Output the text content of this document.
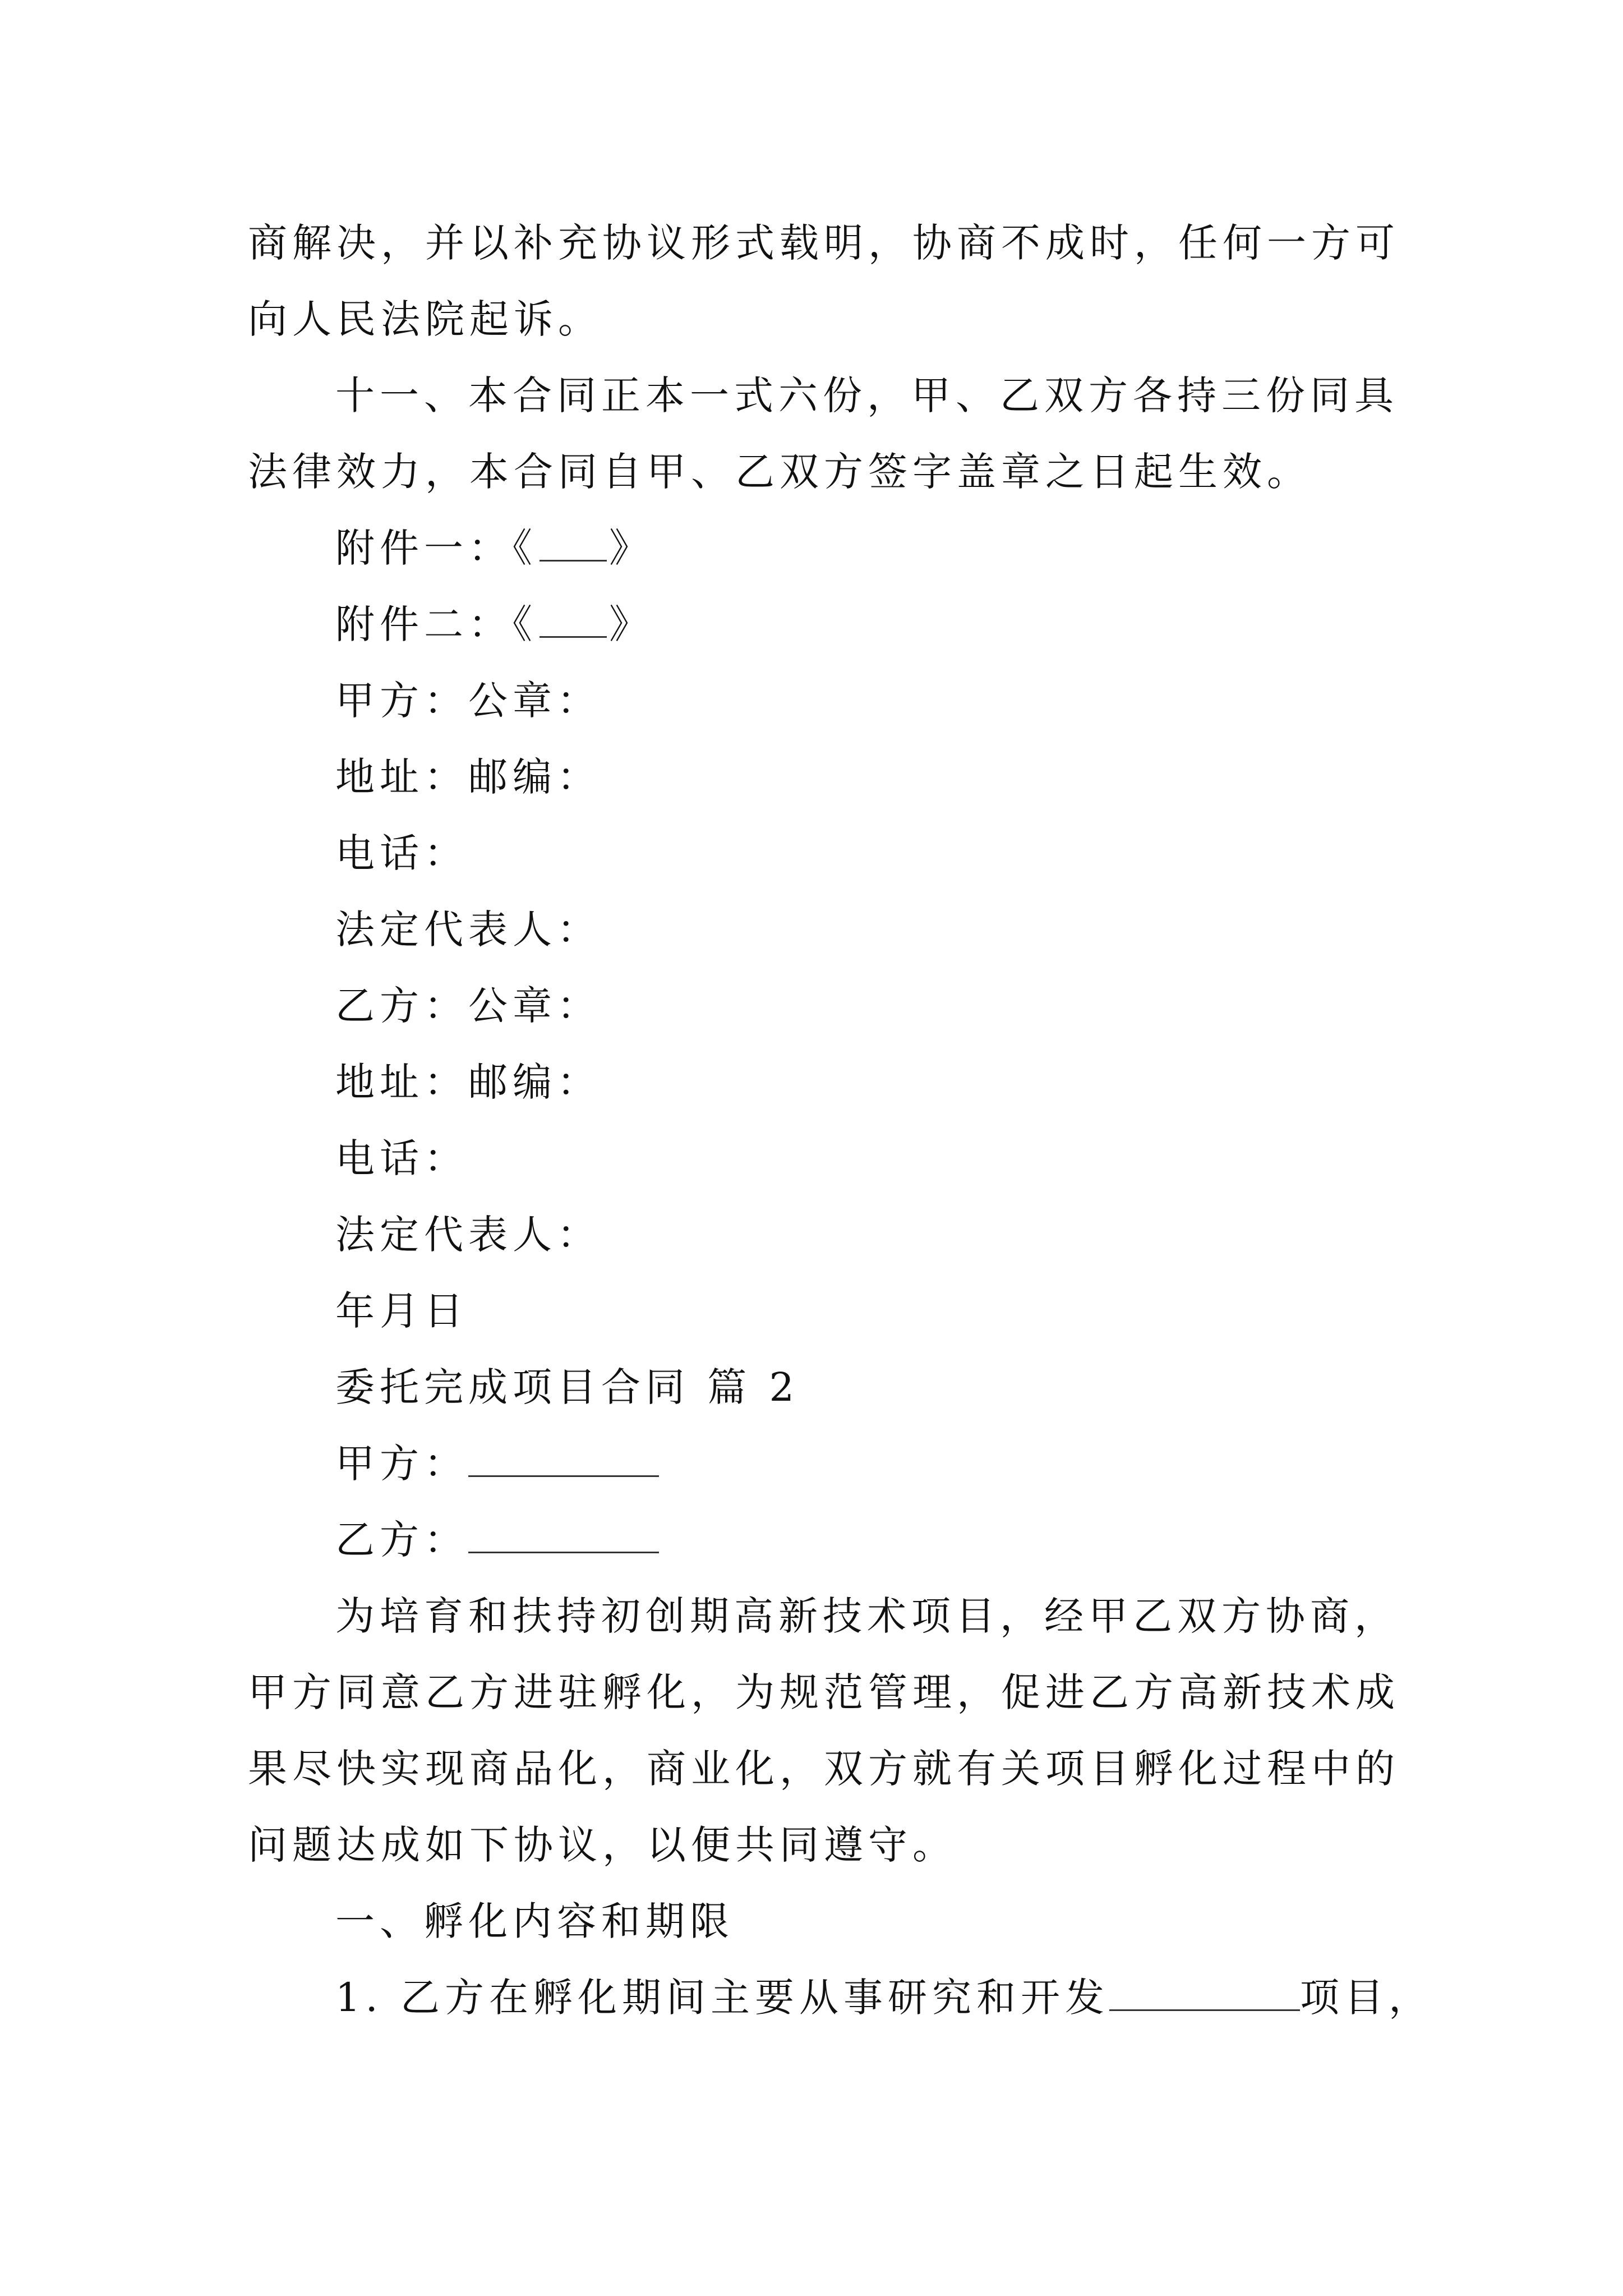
商解决，并以补充协议形式载明，协商不成时，任何一方可
向人民法院起诉。
十一、本合同正本一式六份，甲、乙双方各持三份同具
法律效力，本合同自甲、乙双方签字盖章之日起生效。
附件一：《 》
附件二：《 》
甲方：公章：
地址：邮编：
电话：
法定代表人：
乙方：公章：
地址：邮编：
电话：
法定代表人：
年月日
委托完成项目合同 篇 2
甲方：
乙方：
为培育和扶持初创期高新技术项目，经甲乙双方协商，
甲方同意乙方进驻孵化，为规范管理，促进乙方高新技术成
果尽快实现商品化，商业化，双方就有关项目孵化过程中的
问题达成如下协议，以便共同遵守。
一、孵化内容和期限
1. 乙方在孵化期间主要从事研究和开发	项目，
